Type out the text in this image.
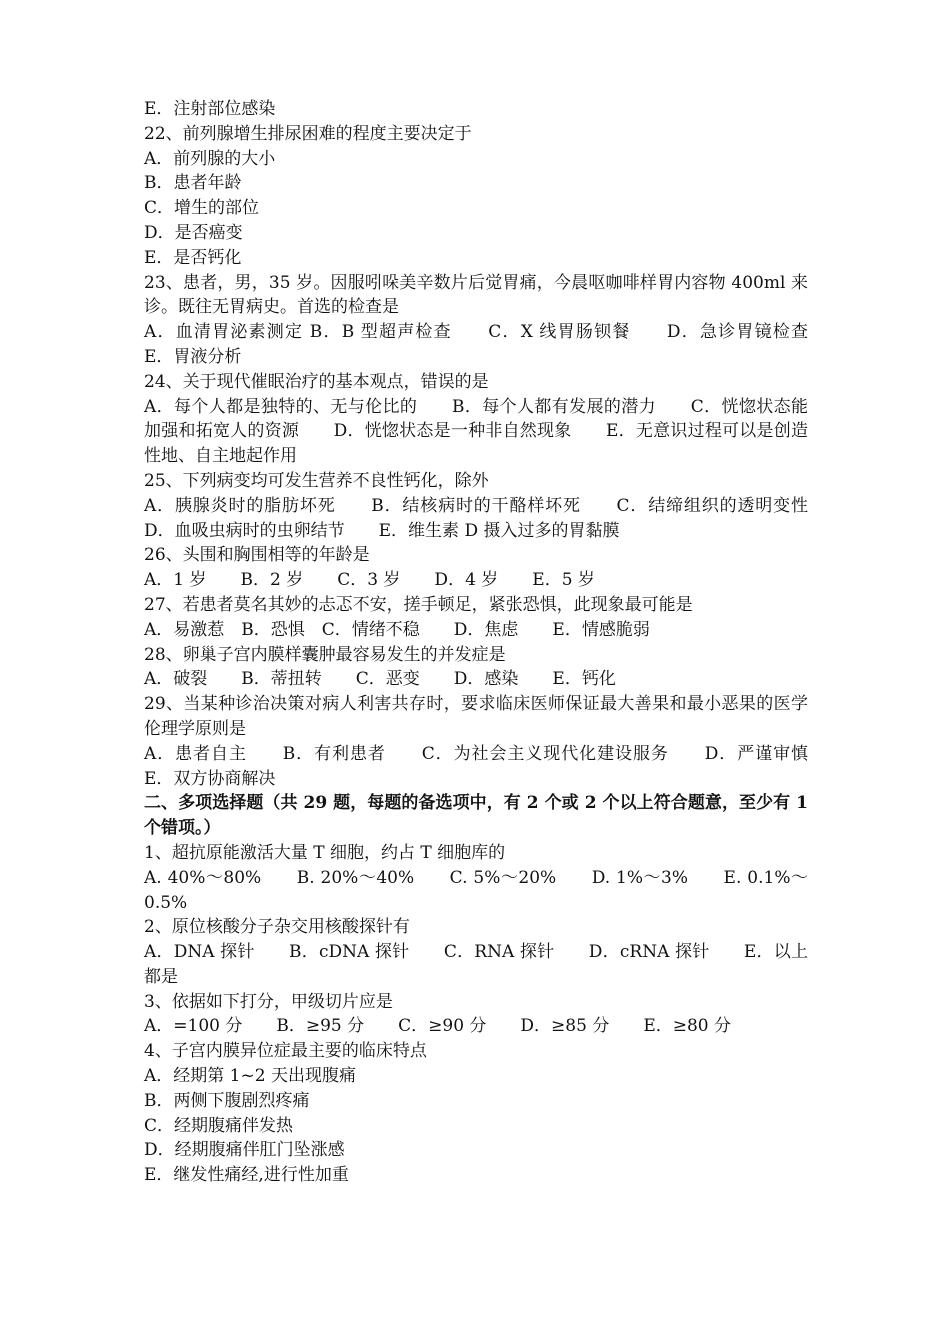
E．注射部位感染
22、前列腺增生排尿困难的程度主要决定于
A．前列腺的大小
B．患者年龄
C．增生的部位
D．是否癌变
E．是否钙化
23、患者，男，35 岁。因服吲哚美辛数片后觉胃痛，今晨呕咖啡样胃内容物 400ml 来诊。既往无胃病史。首选的检查是
A．血清胃泌素测定 B．B 型超声检查　　C．X 线胃肠钡餐　　D．急诊胃镜检查　　E．胃液分析
24、关于现代催眠治疗的基本观点，错误的是
A．每个人都是独特的、无与伦比的　　B．每个人都有发展的潜力　　C．恍惚状态能加强和拓宽人的资源　　D．恍惚状态是一种非自然现象　　E．无意识过程可以是创造性地、自主地起作用
25、下列病变均可发生营养不良性钙化，除外
A．胰腺炎时的脂肪坏死　　B．结核病时的干酪样坏死　　C．结缔组织的透明变性　　D．血吸虫病时的虫卵结节　　E．维生素 D 摄入过多的胃黏膜
26、头围和胸围相等的年龄是
A．1 岁　　B．2 岁　　C．3 岁　　D．4 岁　　E．5 岁
27、若患者莫名其妙的忐忑不安，搓手顿足，紧张恐惧，此现象最可能是
A．易激惹　B．恐惧　C．情绪不稳　　D．焦虑　　E．情感脆弱
28、卵巢子宫内膜样囊肿最容易发生的并发症是
A．破裂　　B．蒂扭转　　C．恶变　　D．感染　　E．钙化
29、当某种诊治决策对病人利害共存时，要求临床医师保证最大善果和最小恶果的医学伦理学原则是
A．患者自主　　B．有利患者　　C．为社会主义现代化建设服务　　D．严谨审慎　　E．双方协商解决
二、多项选择题（共 29 题，每题的备选项中，有 2 个或 2 个以上符合题意，至少有 1 个错项。）
1、超抗原能激活大量 T 细胞，约占 T 细胞库的
A. 40%～80%　　B. 20%～40%　　C. 5%～20%　　D. 1%～3%　　E. 0.1%～0.5%
2、原位核酸分子杂交用核酸探针有
A．DNA 探针　　B．cDNA 探针　　C．RNA 探针　　D．cRNA 探针　　E．以上都是
3、依据如下打分，甲级切片应是
A．=100 分　　B．≥95 分　　C．≥90 分　　D．≥85 分　　E．≥80 分
4、子宫内膜异位症最主要的临床特点
A．经期第 1~2 天出现腹痛
B．两侧下腹剧烈疼痛
C．经期腹痛伴发热
D．经期腹痛伴肛门坠涨感
E．继发性痛经,进行性加重
